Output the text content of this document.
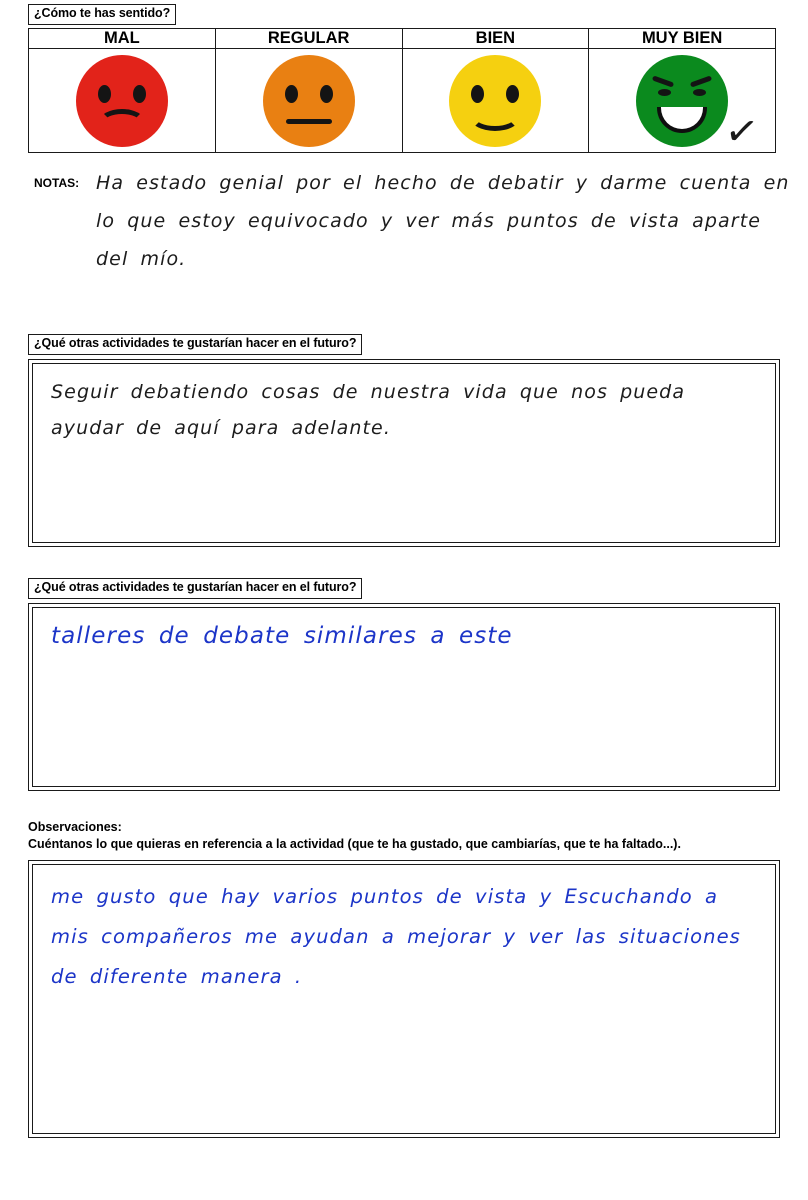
¿Cómo te has sentido?
MAL	REGULAR	BIEN	MUY BIEN

			✓
NOTAS: Ha estado genial por el hecho de debatir y darme cuenta en lo que estoy equivocado y ver más puntos de vista aparte del mío.
¿Qué otras actividades te gustarían hacer en el futuro?
Seguir debatiendo cosas de nuestra vida que nos pueda ayudar de aquí para adelante.
¿Qué otras actividades te gustarían hacer en el futuro?
talleres de debate similares a este
Observaciones:
Cuéntanos lo que quieras en referencia a la actividad (que te ha gustado, que cambiarías, que te ha faltado...).
me gusto que hay varios puntos de vista y Escuchando a mis compañeros me ayudan a mejorar y ver las situaciones de diferente manera .
